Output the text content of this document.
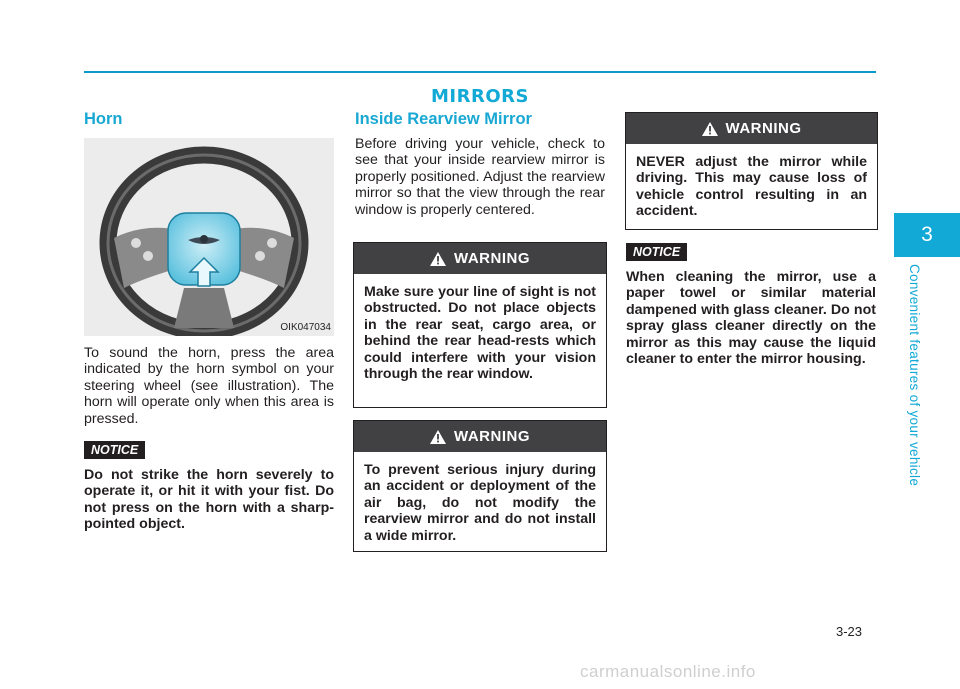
MIRRORS
Horn
OIK047034
To sound the horn, press the area indicated by the horn symbol on your steering wheel (see illustration). The horn will operate only when this area is pressed.
NOTICE
Do not strike the horn severely to operate it, or hit it with your fist. Do not press on the horn with a sharp-pointed object.
Inside Rearview Mirror
Before driving your vehicle, check to see that your inside rearview mirror is properly positioned. Adjust the rearview mirror so that the view through the rear window is properly centered.
WARNING
Make sure your line of sight is not obstructed. Do not place objects in the rear seat, cargo area, or behind the rear head-rests which could interfere with your vision through the rear window.
WARNING
To prevent serious injury during an accident or deployment of the air bag, do not modify the rearview mirror and do not install a wide mirror.
WARNING
NEVER adjust the mirror while driving. This may cause loss of vehicle control resulting in an accident.
NOTICE
When cleaning the mirror, use a paper towel or similar material dampened with glass cleaner. Do not spray glass cleaner directly on the mirror as this may cause the liquid cleaner to enter the mirror housing.
3
Convenient features of your vehicle
3-23
carmanualsonline.info
